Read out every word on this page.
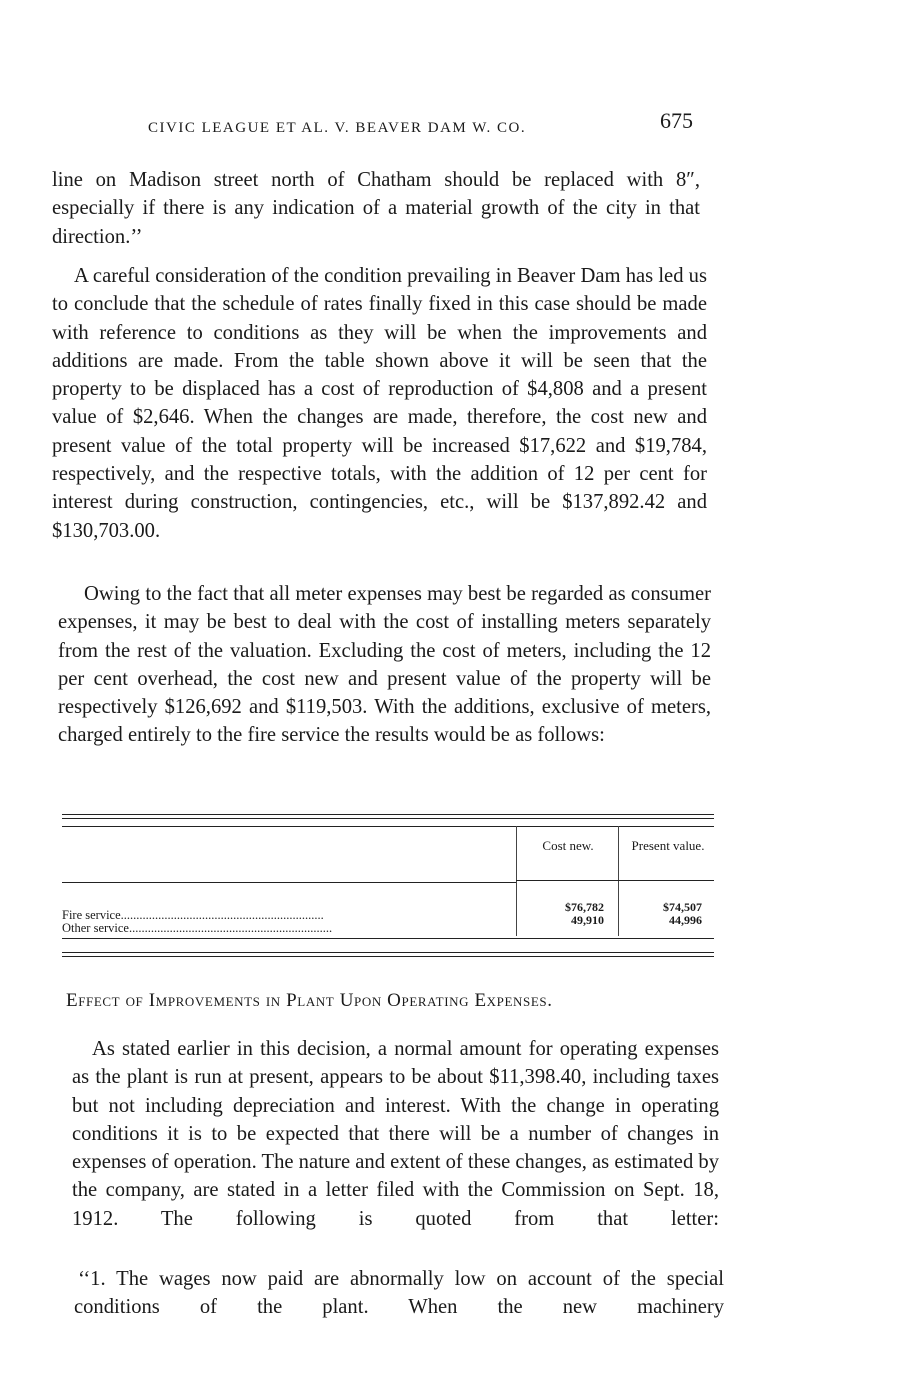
CIVIC LEAGUE ET AL. V. BEAVER DAM W. CO.	675

line on Madison street north of Chatham should be replaced with 8″, especially if there is any indication of a material growth of the city in that direction.’’

A careful consideration of the condition prevailing in Beaver Dam has led us to conclude that the schedule of rates finally fixed in this case should be made with reference to conditions as they will be when the improvements and additions are made. From the table shown above it will be seen that the property to be displaced has a cost of reproduction of $4,808 and a present value of $2,646. When the changes are made, therefore, the cost new and present value of the total property will be increased $17,622 and $19,784, respectively, and the respective totals, with the addition of 12 per cent for interest during construction, contingencies, etc., will be $137,892.42 and $130,703.00.

Owing to the fact that all meter expenses may best be regarded as consumer expenses, it may be best to deal with the cost of installing meters separately from the rest of the valuation. Excluding the cost of meters, including the 12 per cent overhead, the cost new and present value of the property will be respectively $126,692 and $119,503. With the additions, exclusive of meters, charged entirely to the fire service the results would be as follows:

Cost new.	Present value.
Fire service.................................................................
Other service.................................................................
$76,782
49,910
$74,507
44,996
Effect of Improvements in Plant Upon Operating Expenses.

As stated earlier in this decision, a normal amount for operating expenses as the plant is run at present, appears to be about $11,398.40, including taxes but not including depreciation and interest. With the change in operating conditions it is to be expected that there will be a number of changes in expenses of operation. The nature and extent of these changes, as estimated by the company, are stated in a letter filed with the Commission on Sept. 18, 1912. The following is quoted from that letter:

‘‘1. The wages now paid are abnormally low on account of the special conditions of the plant. When the new machinery
